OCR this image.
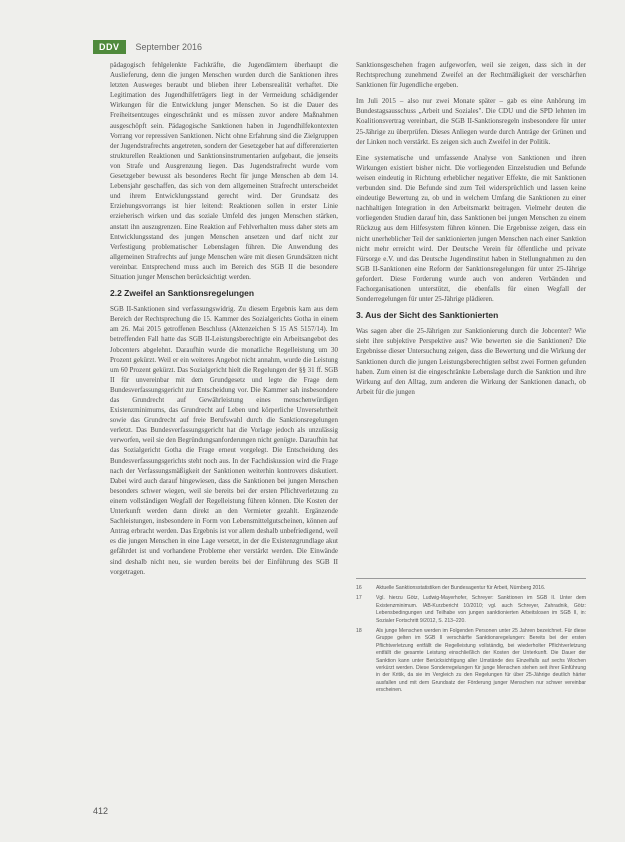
DDV	September 2016

pädagogisch fehlgelenkte Fachkräfte, die Jugendämtern überhaupt die Auslieferung, denn die jungen Menschen wurden durch die Sanktionen ihres letzten Ausweges beraubt und blieben ihrer Lebensrealität verhaftet. Die Legitimation des Jugendhilfeträgers liegt in der Vermeidung schädigender Wirkungen für die Entwicklung junger Menschen. So ist die Dauer des Freiheitsentzuges eingeschränkt und es müssen zuvor andere Maßnahmen ausgeschöpft sein. Pädagogische Sanktionen haben in Jugendhilfekontexten Vorrang vor repressiven Sanktionen. Nicht ohne Erfahrung sind die Zielgruppen der Jugendstrafrechts angetreten, sondern der Gesetzgeber hat auf differenzierten strukturellen Reaktionen und Sanktionsinstrumentarien aufgebaut, die jenseits von Strafe und Ausgrenzung liegen. Das Jugendstrafrecht wurde vom Gesetzgeber bewusst als besonderes Recht für junge Menschen ab dem 14. Lebensjahr geschaffen, das sich von dem allgemeinen Strafrecht unterscheidet und ihrem Entwicklungsstand gerecht wird. Der Grundsatz des Erziehungsvorrangs ist hier leitend: Reaktionen sollen in erster Linie erzieherisch wirken und das soziale Umfeld des jungen Menschen stärken, anstatt ihn auszugrenzen. Eine Reaktion auf Fehlverhalten muss daher stets am Entwicklungsstand des jungen Menschen ansetzen und darf nicht zur Verfestigung problematischer Lebenslagen führen. Die Anwendung des allgemeinen Strafrechts auf junge Menschen wäre mit diesen Grundsätzen nicht vereinbar. Entsprechend muss auch im Bereich des SGB II die besondere Situation junger Menschen berücksichtigt werden.

2.2 Zweifel an Sanktionsregelungen

SGB II-Sanktionen sind verfassungswidrig. Zu diesem Ergebnis kam aus dem Bereich der Rechtsprechung die 15. Kammer des Sozialgerichts Gotha in einem am 26. Mai 2015 getroffenen Beschluss (Aktenzeichen S 15 AS 5157/14). Im betreffenden Fall hatte das SGB II-Leistungsberechtigte ein Arbeitsangebot des Jobcenters abgelehnt. Daraufhin wurde die monatliche Regelleistung um 30 Prozent gekürzt. Weil er ein weiteres Angebot nicht annahm, wurde die Leistung um 60 Prozent gekürzt. Das Sozialgericht hielt die Regelungen der §§ 31 ff. SGB II für unvereinbar mit dem Grundgesetz und legte die Frage dem Bundesverfassungsgericht zur Entscheidung vor. Die Kammer sah insbesondere das Grundrecht auf Gewährleistung eines menschenwürdigen Existenzminimums, das Grundrecht auf Leben und körperliche Unversehrtheit sowie das Grundrecht auf freie Berufswahl durch die Sanktionsregelungen verletzt. Das Bundesverfassungsgericht hat die Vorlage jedoch als unzulässig verworfen, weil sie den Begründungsanforderungen nicht genügte. Daraufhin hat das Sozialgericht Gotha die Frage erneut vorgelegt. Die Entscheidung des Bundesverfassungsgerichts steht noch aus. In der Fachdiskussion wird die Frage nach der Verfassungsmäßigkeit der Sanktionen weiterhin kontrovers diskutiert. Dabei wird auch darauf hingewiesen, dass die Sanktionen bei jungen Menschen besonders schwer wiegen, weil sie bereits bei der ersten Pflichtverletzung zu einem vollständigen Wegfall der Regelleistung führen können. Die Kosten der Unterkunft werden dann direkt an den Vermieter gezahlt. Ergänzende Sachleistungen, insbesondere in Form von Lebensmittelgutscheinen, können auf Antrag erbracht werden. Das Ergebnis ist vor allem deshalb unbefriedigend, weil es die jungen Menschen in eine Lage versetzt, in der die Existenzgrundlage akut gefährdet ist und vorhandene Probleme eher verstärkt werden. Die Einwände sind deshalb nicht neu, sie wurden bereits bei der Einführung des SGB II vorgetragen.

Sanktionsgeschehen fragen aufgeworfen, weil sie zeigen, dass sich in der Rechtsprechung zunehmend Zweifel an der Rechtmäßigkeit der verschärften Sanktionen für Jugendliche ergeben.

Im Juli 2015 – also nur zwei Monate später – gab es eine Anhörung im Bundestagsausschuss „Arbeit und Soziales". Die CDU und die SPD lehnten im Koalitionsvertrag vereinbart, die SGB II-Sanktionsregeln insbesondere für unter 25-Jährige zu überprüfen. Dieses Anliegen wurde durch Anträge der Grünen und der Linken noch verstärkt. Es zeigen sich auch Zweifel in der Politik.

Eine systematische und umfassende Analyse von Sanktionen und ihren Wirkungen existiert bisher nicht. Die vorliegenden Einzelstudien und Befunde weisen eindeutig in Richtung erheblicher negativer Effekte, die mit Sanktionen verbunden sind. Die Befunde sind zum Teil widersprüchlich und lassen keine eindeutige Bewertung zu, ob und in welchem Umfang die Sanktionen zu einer nachhaltigen Integration in den Arbeitsmarkt beitragen. Vielmehr deuten die vorliegenden Studien darauf hin, dass Sanktionen bei jungen Menschen zu einem Rückzug aus dem Hilfesystem führen können. Die Ergebnisse zeigen, dass ein nicht unerheblicher Teil der sanktionierten jungen Menschen nach einer Sanktion nicht mehr erreicht wird. Der Deutsche Verein für öffentliche und private Fürsorge e.V. und das Deutsche Jugendinstitut haben in Stellungnahmen zu den SGB II-Sanktionen eine Reform der Sanktionsregelungen für unter 25-Jährige gefordert. Diese Forderung wurde auch von anderen Verbänden und Fachorganisationen unterstützt, die ebenfalls für einen Wegfall der Sonderregelungen für unter 25-Jährige plädieren.

3. Aus der Sicht des Sanktionierten

Was sagen aber die 25-Jährigen zur Sanktionierung durch die Jobcenter? Wie sieht ihre subjektive Perspektive aus? Wie bewerten sie die Sanktionen? Die Ergebnisse dieser Untersuchung zeigen, dass die Bewertung und die Wirkung der Sanktionen durch die jungen Leistungsberechtigten selbst zwei Formen gefunden haben. Zum einen ist die eingeschränkte Lebenslage durch die Sanktion und ihre Wirkung auf den Alltag, zum anderen die Wirkung der Sanktionen danach, ob Arbeit für die jungen

16	Aktuelle Sanktionsstatistiken der Bundesagentur für Arbeit, Nürnberg 2016.
17	Vgl. hierzu Götz, Ludwig-Mayerhofer, Schreyer: Sanktionen im SGB II. Unter dem Existenzminimum. IAB-Kurzbericht 10/2010; vgl. auch Schreyer, Zahradnik, Götz: Lebensbedingungen und Teilhabe von jungen sanktionierten Arbeitslosen im SGB II, in: Sozialer Fortschritt 9/2012, S. 213–220.
18	Als junge Menschen werden im Folgenden Personen unter 25 Jahren bezeichnet. Für diese Gruppe gelten im SGB II verschärfte Sanktionsregelungen: Bereits bei der ersten Pflichtverletzung entfällt die Regelleistung vollständig, bei wiederholter Pflichtverletzung entfällt die gesamte Leistung einschließlich der Kosten der Unterkunft. Die Dauer der Sanktion kann unter Berücksichtigung aller Umstände des Einzelfalls auf sechs Wochen verkürzt werden. Diese Sonderregelungen für junge Menschen stehen seit ihrer Einführung in der Kritik, da sie im Vergleich zu den Regelungen für über 25-Jährige deutlich härter ausfallen und mit dem Grundsatz der Förderung junger Menschen nur schwer vereinbar erscheinen.
412
